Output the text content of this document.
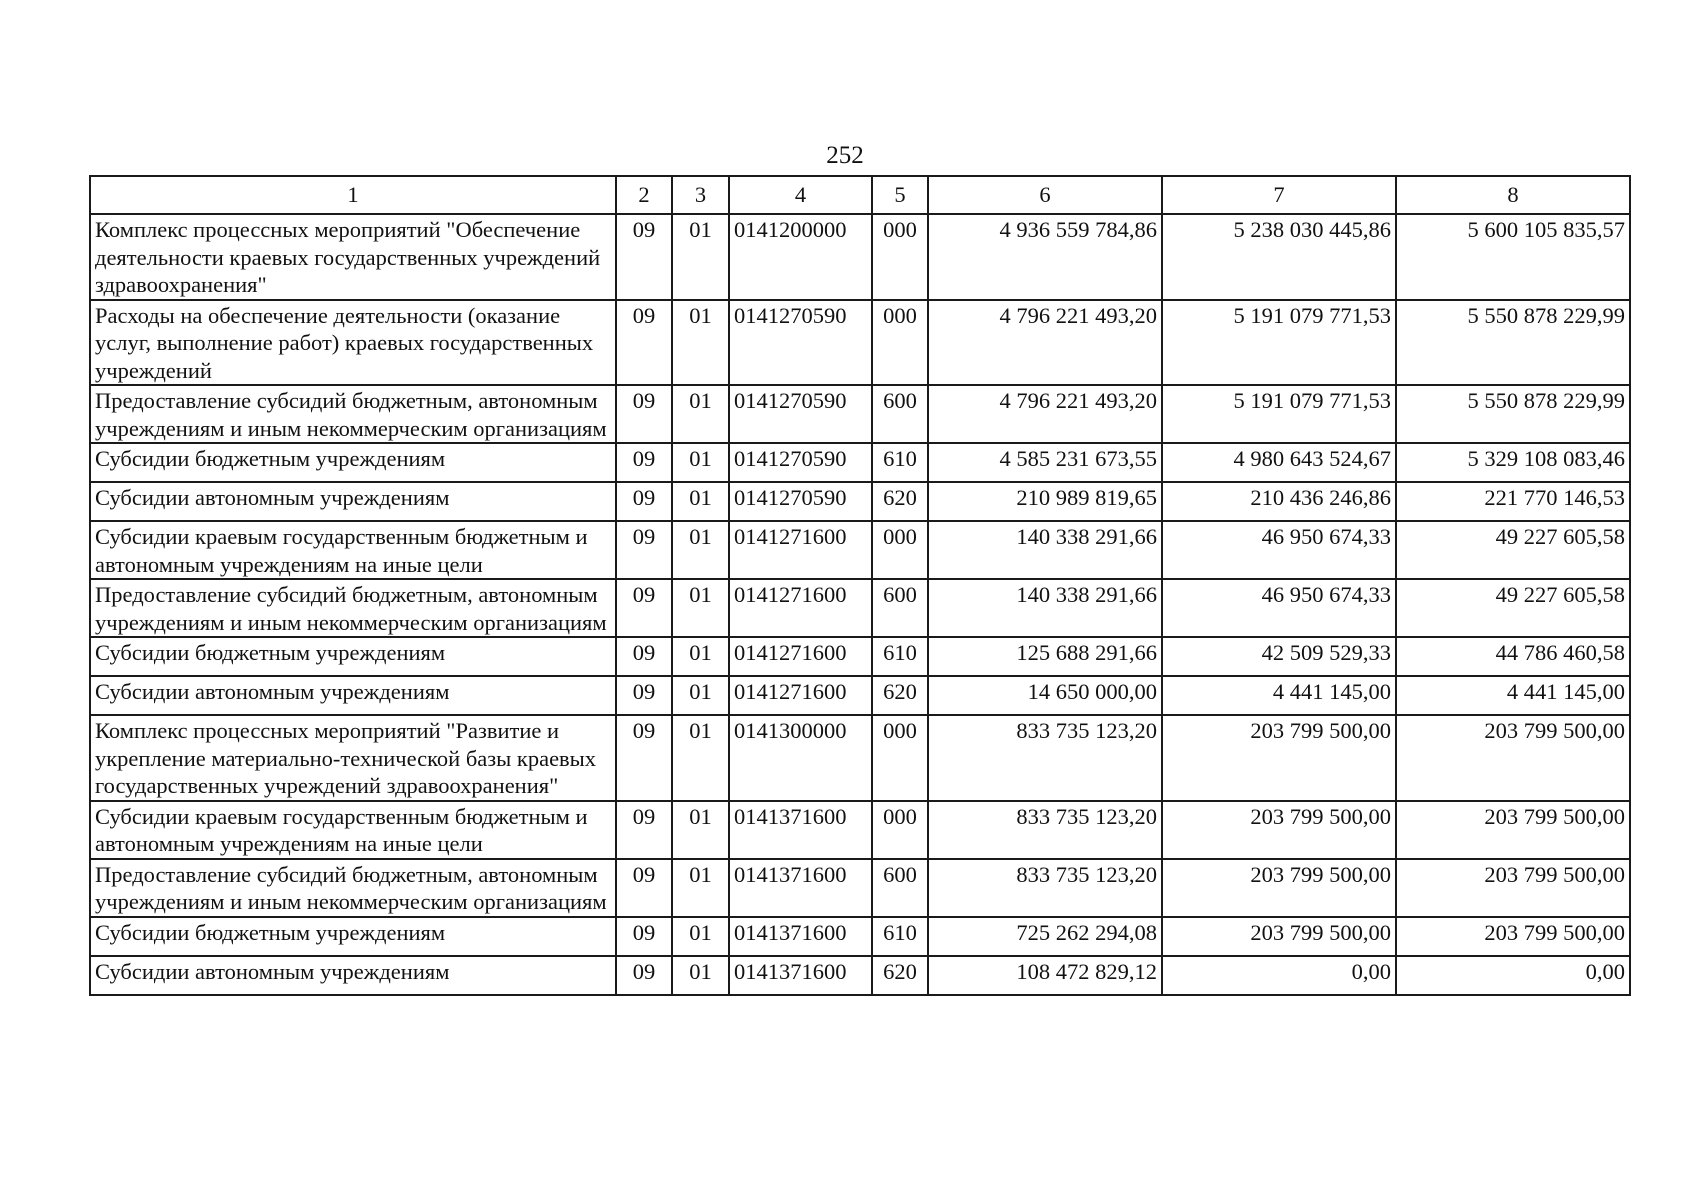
252
1	2	3	4	5	6	7	8
Комплекс процессных мероприятий "Обеспечение деятельности краевых государственных учреждений здравоохранения"	09	01	0141200000	000	4 936 559 784,86	5 238 030 445,86	5 600 105 835,57
Расходы на обеспечение деятельности (оказание услуг, выполнение работ) краевых государственных учреждений	09	01	0141270590	000	4 796 221 493,20	5 191 079 771,53	5 550 878 229,99
Предоставление субсидий бюджетным, автономным учреждениям и иным некоммерческим организациям	09	01	0141270590	600	4 796 221 493,20	5 191 079 771,53	5 550 878 229,99
Субсидии бюджетным учреждениям	09	01	0141270590	610	4 585 231 673,55	4 980 643 524,67	5 329 108 083,46
Субсидии автономным учреждениям	09	01	0141270590	620	210 989 819,65	210 436 246,86	221 770 146,53
Субсидии краевым государственным бюджетным и автономным учреждениям на иные цели	09	01	0141271600	000	140 338 291,66	46 950 674,33	49 227 605,58
Предоставление субсидий бюджетным, автономным учреждениям и иным некоммерческим организациям	09	01	0141271600	600	140 338 291,66	46 950 674,33	49 227 605,58
Субсидии бюджетным учреждениям	09	01	0141271600	610	125 688 291,66	42 509 529,33	44 786 460,58
Субсидии автономным учреждениям	09	01	0141271600	620	14 650 000,00	4 441 145,00	4 441 145,00
Комплекс процессных мероприятий "Развитие и укрепление материально-технической базы краевых государственных учреждений здравоохранения"	09	01	0141300000	000	833 735 123,20	203 799 500,00	203 799 500,00
Субсидии краевым государственным бюджетным и автономным учреждениям на иные цели	09	01	0141371600	000	833 735 123,20	203 799 500,00	203 799 500,00
Предоставление субсидий бюджетным, автономным учреждениям и иным некоммерческим организациям	09	01	0141371600	600	833 735 123,20	203 799 500,00	203 799 500,00
Субсидии бюджетным учреждениям	09	01	0141371600	610	725 262 294,08	203 799 500,00	203 799 500,00
Субсидии автономным учреждениям	09	01	0141371600	620	108 472 829,12	0,00	0,00
